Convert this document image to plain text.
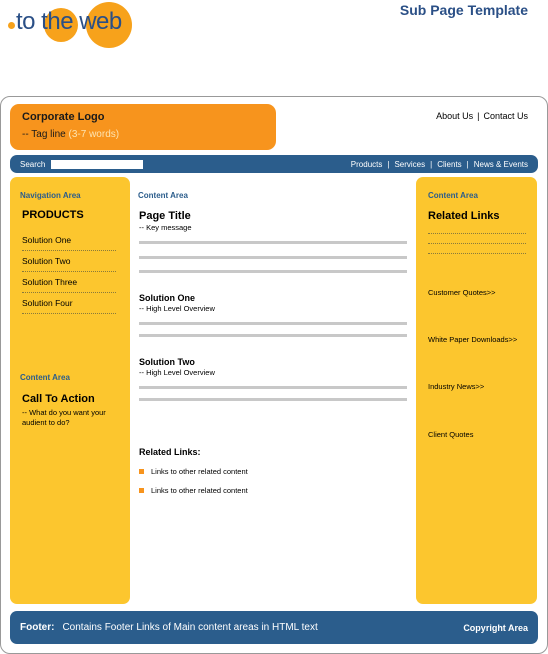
to the web	Sub Page Template
Corporate Logo
-- Tag line (3-7 words)
About Us | Contact Us
Search	Products | Services | Clients | News & Events
Navigation Area
PRODUCTS
Solution One
Solution Two
Solution Three
Solution Four
Content Area
Call To Action
-- What do you want your audient to do?
Content Area
Page Title
-- Key message
Solution One
-- High Level Overview
Solution Two
-- High Level Overview
Related Links:
Links to other related content
Links to other related content
Content Area
Related Links
Customer Quotes>>
White Paper Downloads>>
Industry News>>
Client Quotes
Footer: Contains Footer Links of Main content areas in HTML text	Copyright Area
